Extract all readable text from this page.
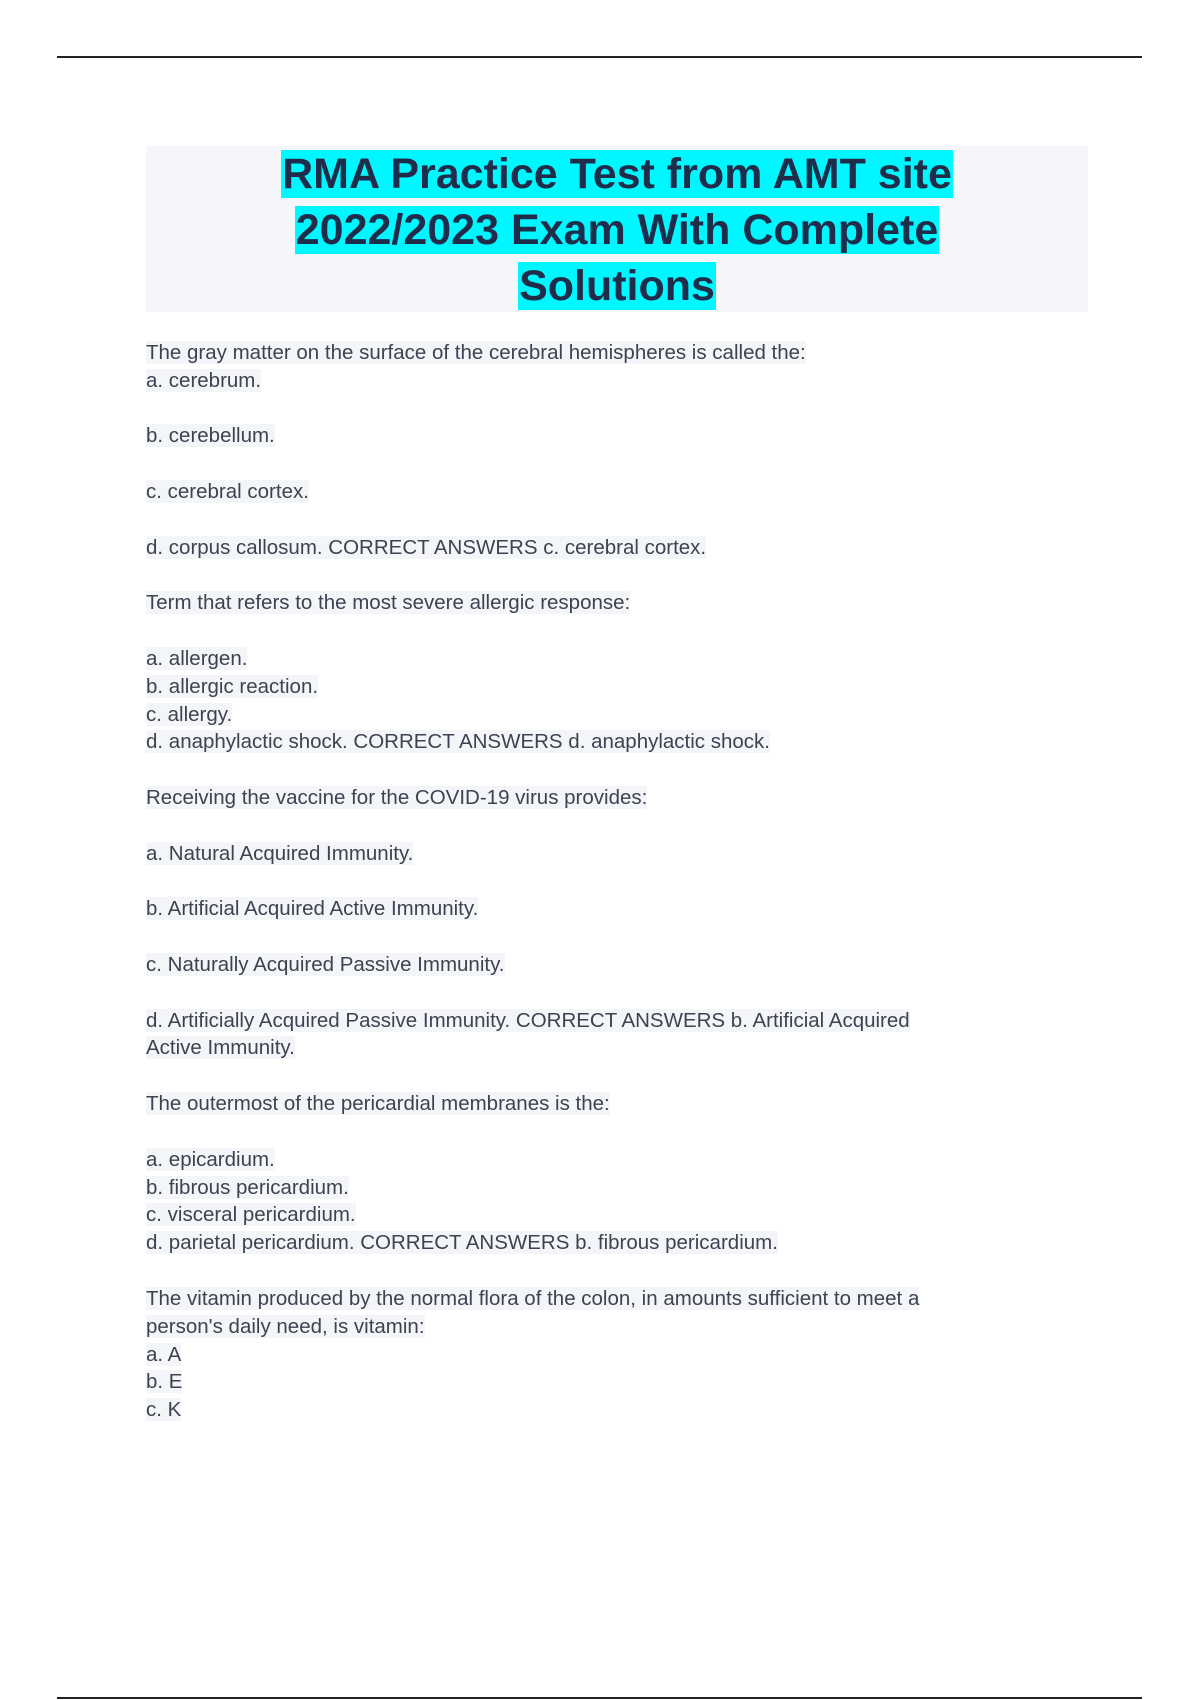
RMA Practice Test from AMT site
2022/2023 Exam With Complete
Solutions
The gray matter on the surface of the cerebral hemispheres is called the:
a. cerebrum.
b. cerebellum.
c. cerebral cortex.
d. corpus callosum. CORRECT ANSWERS c. cerebral cortex.
Term that refers to the most severe allergic response:
a. allergen.
b. allergic reaction.
c. allergy.
d. anaphylactic shock. CORRECT ANSWERS d. anaphylactic shock.
Receiving the vaccine for the COVID-19 virus provides:
a. Natural Acquired Immunity.
b. Artificial Acquired Active Immunity.
c. Naturally Acquired Passive Immunity.
d. Artificially Acquired Passive Immunity. CORRECT ANSWERS b. Artificial Acquired
Active Immunity.
The outermost of the pericardial membranes is the:
a. epicardium.
b. fibrous pericardium.
c. visceral pericardium.
d. parietal pericardium. CORRECT ANSWERS b. fibrous pericardium.
The vitamin produced by the normal flora of the colon, in amounts sufficient to meet a
person's daily need, is vitamin:
a. A
b. E
c. K
